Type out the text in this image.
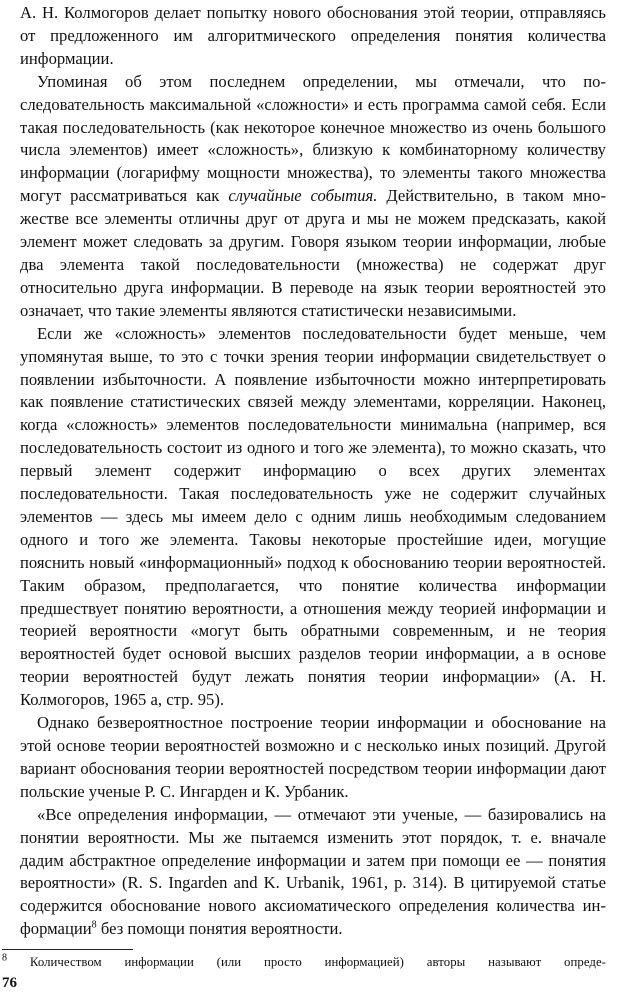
А. Н. Колмогоров делает попытку нового обоснования этой теории, отправляясь от предложенного им алгоритмического определения понятия количества информации.

Упоминая об этом последнем определении, мы отмечали, что последовательность максимальной «сложности» и есть программа самой себя. Если такая последовательность (как некоторое конечное множество из очень большого числа элементов) имеет «сложность», близкую к комбинаторному количеству информации (логарифму мощности множества), то элементы такого множества могут рассматриваться как случайные события. Действительно, в таком множестве все элементы отличны друг от друга и мы не можем предсказать, какой элемент может следовать за другим. Говоря языком теории информации, любые два элемента такой последовательности (множества) не содержат друг относительно друга информации. В переводе на язык теории вероятностей это означает, что такие элементы являются статистически независимыми.

Если же «сложность» элементов последовательности будет меньше, чем упомянутая выше, то это с точки зрения теории информации свидетельствует о появлении избыточности. А появление избыточности можно интерпретировать как появление статистических связей между элементами, корреляции. Наконец, когда «сложность» элементов последовательности минимальна (например, вся последовательность состоит из одного и того же элемента), то можно сказать, что первый элемент содержит информацию о всех других элементах последовательности. Такая последовательность уже не содержит случайных элементов — здесь мы имеем дело с одним лишь необходимым следованием одного и того же элемента. Таковы некоторые простейшие идеи, могущие пояснить новый «информационный» подход к обоснованию теории вероятностей. Таким образом, предполагается, что понятие количества информации предшествует понятию вероятности, а отношения между теорией информации и теорией вероятности «могут быть обратными современным, и не теория вероятностей будет основой высших разделов теории информации, а в основе теории вероятностей будут лежать понятия теории информации» (А. Н. Колмогоров, 1965 а, стр. 95).

Однако безвероятностное построение теории информации и обоснование на этой основе теории вероятностей возможно и с несколько иных позиций. Другой вариант обоснования теории вероятностей посредством теории информации дают польские ученые Р. С. Ингарден и К. Урбаник.

«Все определения информации, — отмечают эти ученые, — базировались на понятии вероятности. Мы же пытаемся изменить этот порядок, т. е. вначале дадим абстрактное определение информации и затем при помощи ее — понятия вероятности» (R. S. Ingarden and K. Urbanik, 1961, p. 314). В цитируемой статье содержится обоснование нового аксиоматического определения количества информации$^8$ без помощи понятия вероятности.

$^8$ Количеством информации (или просто информацией) авторы называют опреде-
76
